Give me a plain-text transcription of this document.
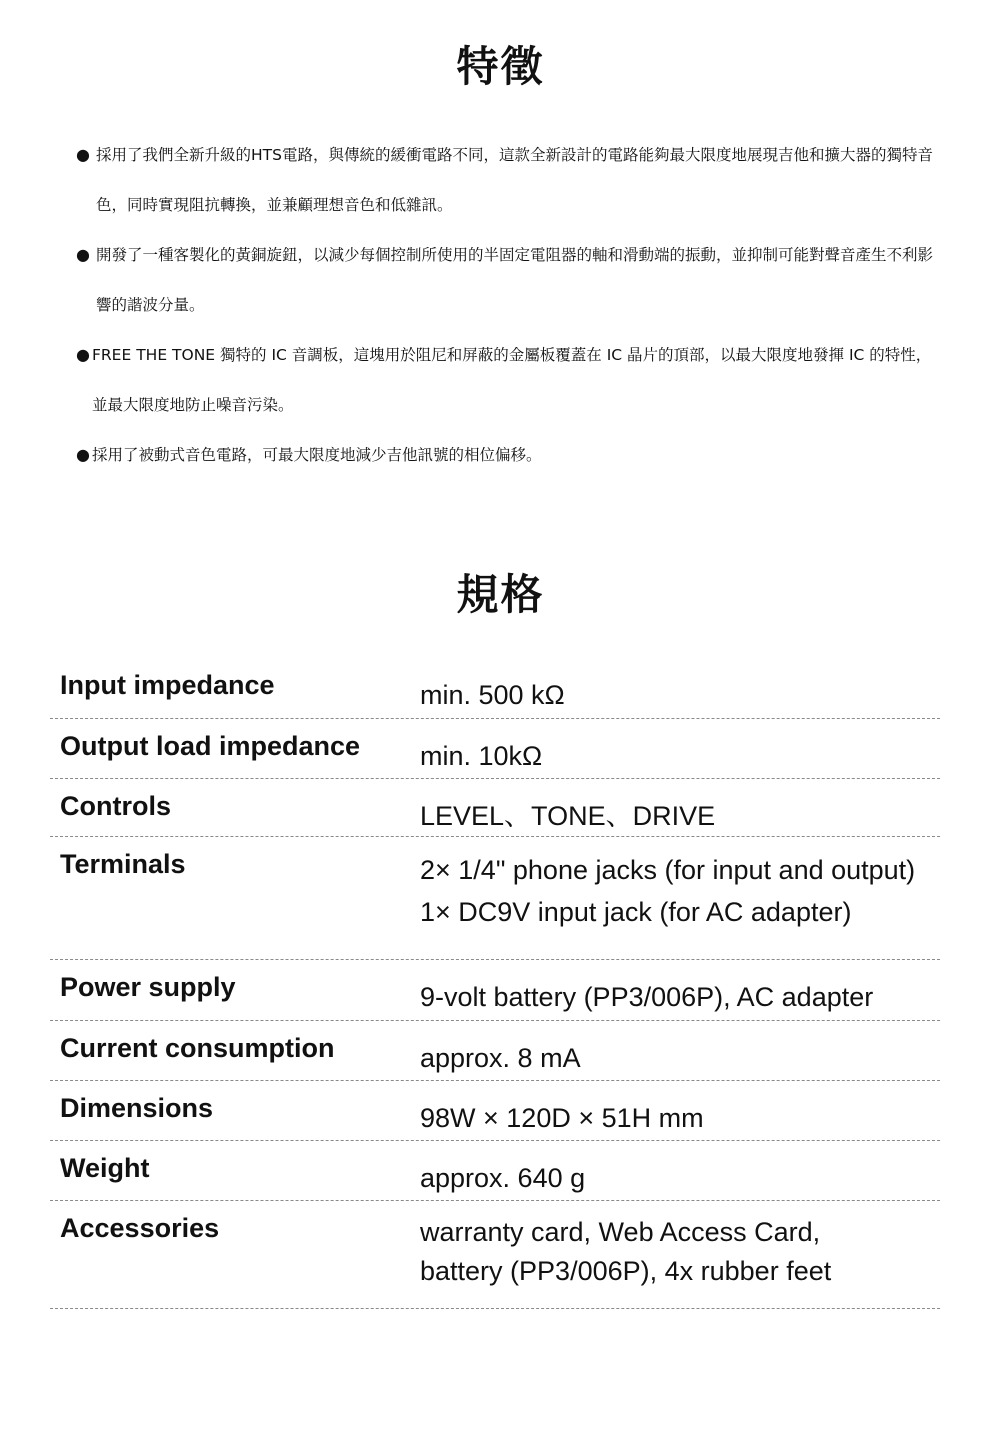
特徵
● 採用了我們全新升級的HTS電路，與傳統的緩衝電路不同，這款全新設計的電路能夠最大限度地展現吉他和擴大器的獨特音色，同時實現阻抗轉換，並兼顧理想音色和低雜訊。

● 開發了一種客製化的黃銅旋鈕，以減少每個控制所使用的半固定電阻器的軸和滑動端的振動，並抑制可能對聲音產生不利影響的諧波分量。

● FREE THE TONE 獨特的 IC 音調板，這塊用於阻尼和屏蔽的金屬板覆蓋在 IC 晶片的頂部，以最大限度地發揮 IC 的特性，並最大限度地防止噪音污染。

● 採用了被動式音色電路，可最大限度地減少吉他訊號的相位偏移。

規格
Input impedance	min. 500 kΩ
Output load impedance	min. 10kΩ
Controls	LEVEL、TONE、DRIVE
Terminals	2× 1/4" phone jacks (for input and output)
1× DC9V input jack (for AC adapter)
Power supply	9-volt battery (PP3/006P), AC adapter
Current consumption	approx. 8 mA
Dimensions	98W × 120D × 51H mm
Weight	approx. 640 g
Accessories	warranty card, Web Access Card,
battery (PP3/006P), 4x rubber feet
